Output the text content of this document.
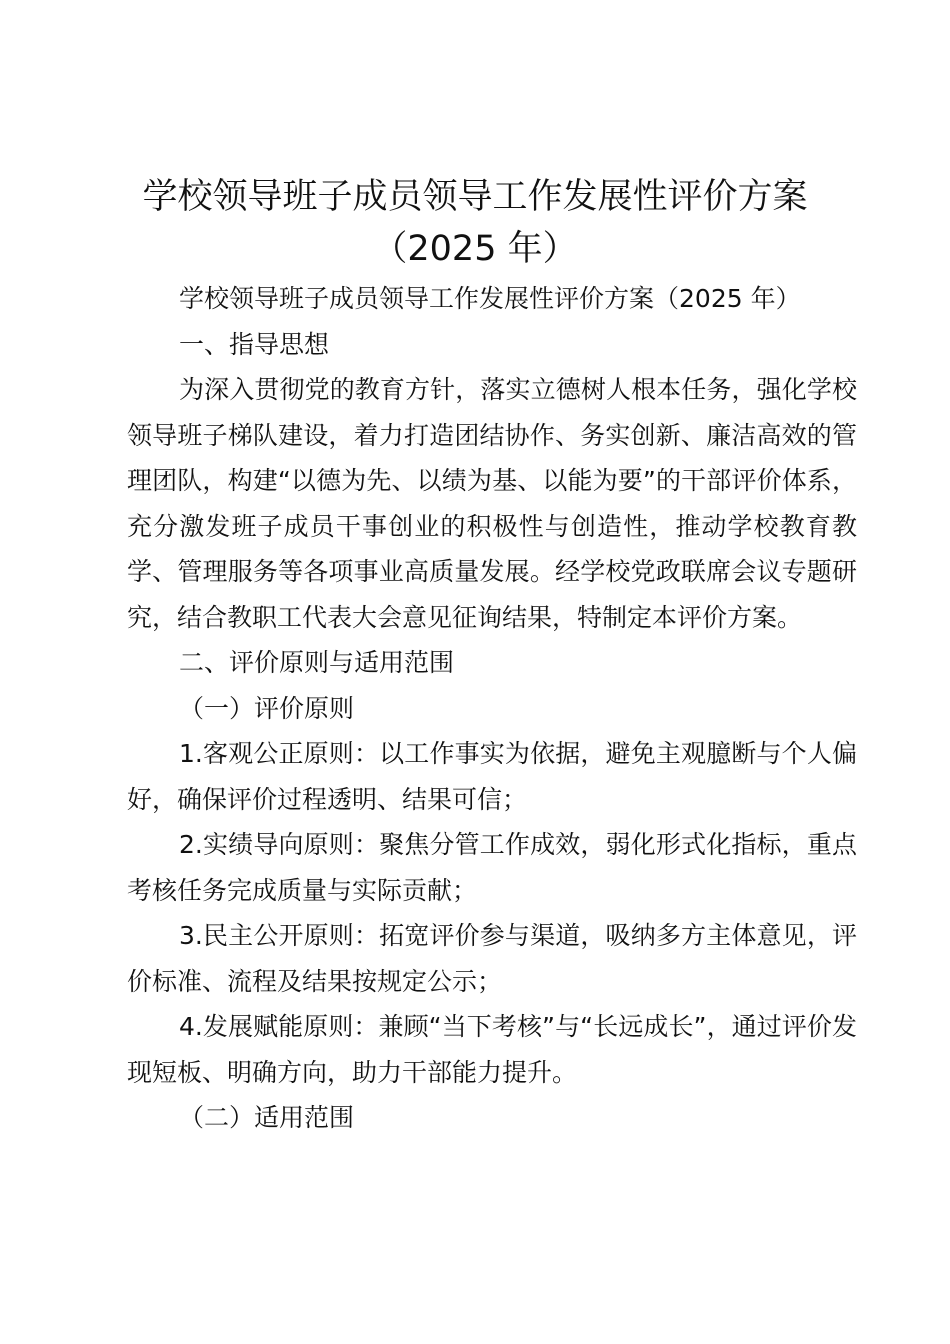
学校领导班子成员领导工作发展性评价方案
（2025 年）

学校领导班子成员领导工作发展性评价方案（2025 年）

一、指导思想

为深入贯彻党的教育方针，落实立德树人根本任务，强化学校领导班子梯队建设，着力打造团结协作、务实创新、廉洁高效的管理团队，构建“以德为先、以绩为基、以能为要”的干部评价体系，充分激发班子成员干事创业的积极性与创造性，推动学校教育教学、管理服务等各项事业高质量发展。经学校党政联席会议专题研究，结合教职工代表大会意见征询结果，特制定本评价方案。

二、评价原则与适用范围

（一）评价原则

1.客观公正原则：以工作事实为依据，避免主观臆断与个人偏好，确保评价过程透明、结果可信；

2.实绩导向原则：聚焦分管工作成效，弱化形式化指标，重点考核任务完成质量与实际贡献；

3.民主公开原则：拓宽评价参与渠道，吸纳多方主体意见，评价标准、流程及结果按规定公示；

4.发展赋能原则：兼顾“当下考核”与“长远成长”，通过评价发现短板、明确方向，助力干部能力提升。

（二）适用范围
